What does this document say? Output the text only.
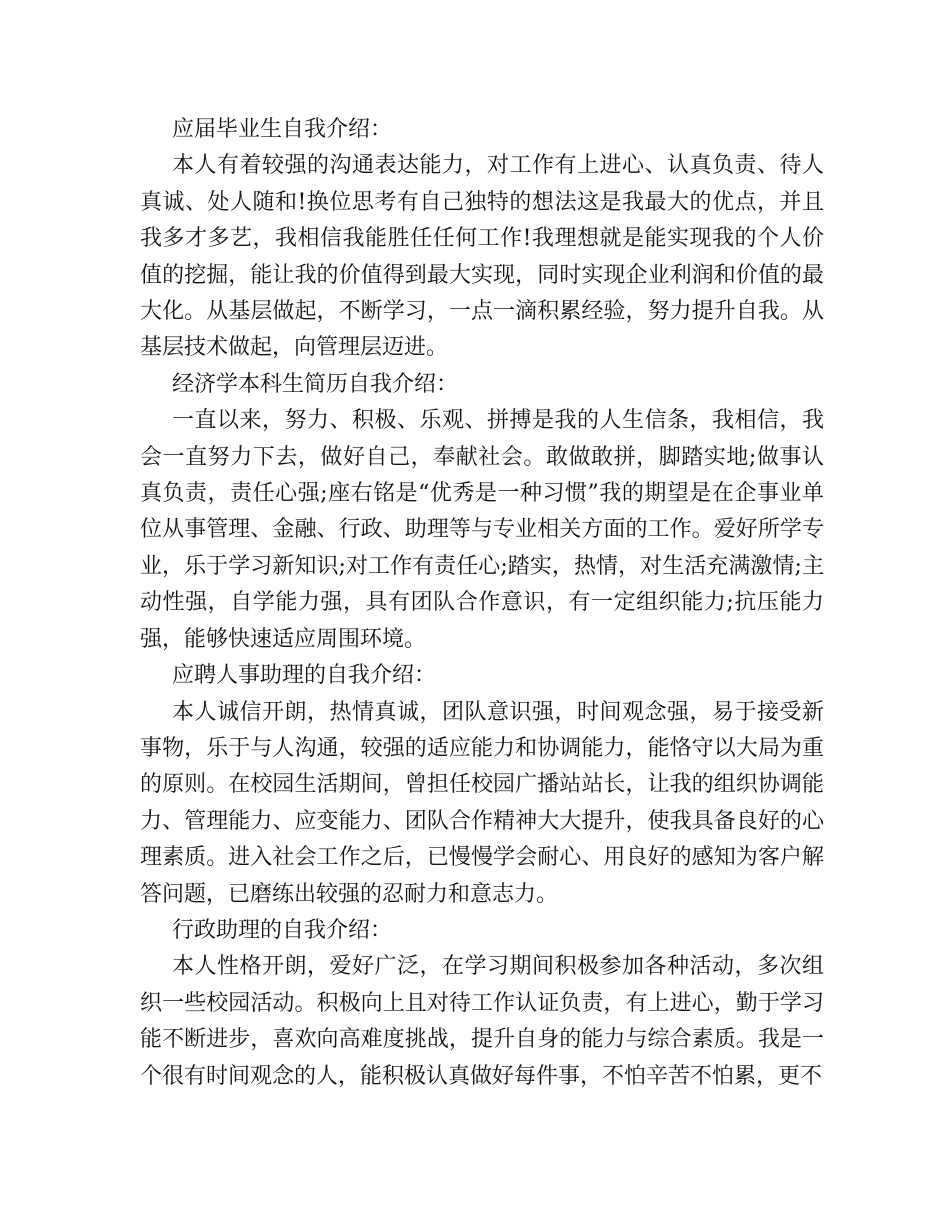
应届毕业生自我介绍：

本人有着较强的沟通表达能力，对工作有上进心、认真负责、待人真诚、处人随和!换位思考有自己独特的想法这是我最大的优点，并且我多才多艺，我相信我能胜任任何工作!我理想就是能实现我的个人价值的挖掘，能让我的价值得到最大实现，同时实现企业利润和价值的最大化。从基层做起，不断学习，一点一滴积累经验，努力提升自我。从基层技术做起，向管理层迈进。

经济学本科生简历自我介绍：

一直以来，努力、积极、乐观、拼搏是我的人生信条，我相信，我会一直努力下去，做好自己，奉献社会。敢做敢拼，脚踏实地;做事认真负责，责任心强;座右铭是“优秀是一种习惯”我的期望是在企事业单位从事管理、金融、行政、助理等与专业相关方面的工作。爱好所学专业，乐于学习新知识;对工作有责任心;踏实，热情，对生活充满激情;主动性强，自学能力强，具有团队合作意识，有一定组织能力;抗压能力强，能够快速适应周围环境。

应聘人事助理的自我介绍：

本人诚信开朗，热情真诚，团队意识强，时间观念强，易于接受新事物，乐于与人沟通，较强的适应能力和协调能力，能恪守以大局为重的原则。在校园生活期间，曾担任校园广播站站长，让我的组织协调能力、管理能力、应变能力、团队合作精神大大提升，使我具备良好的心理素质。进入社会工作之后，已慢慢学会耐心、用良好的感知为客户解答问题，已磨练出较强的忍耐力和意志力。

行政助理的自我介绍：

本人性格开朗，爱好广泛，在学习期间积极参加各种活动，多次组织一些校园活动。积极向上且对待工作认证负责，有上进心，勤于学习能不断进步，喜欢向高难度挑战，提升自身的能力与综合素质。我是一个很有时间观念的人，能积极认真做好每件事，不怕辛苦不怕累，更不
